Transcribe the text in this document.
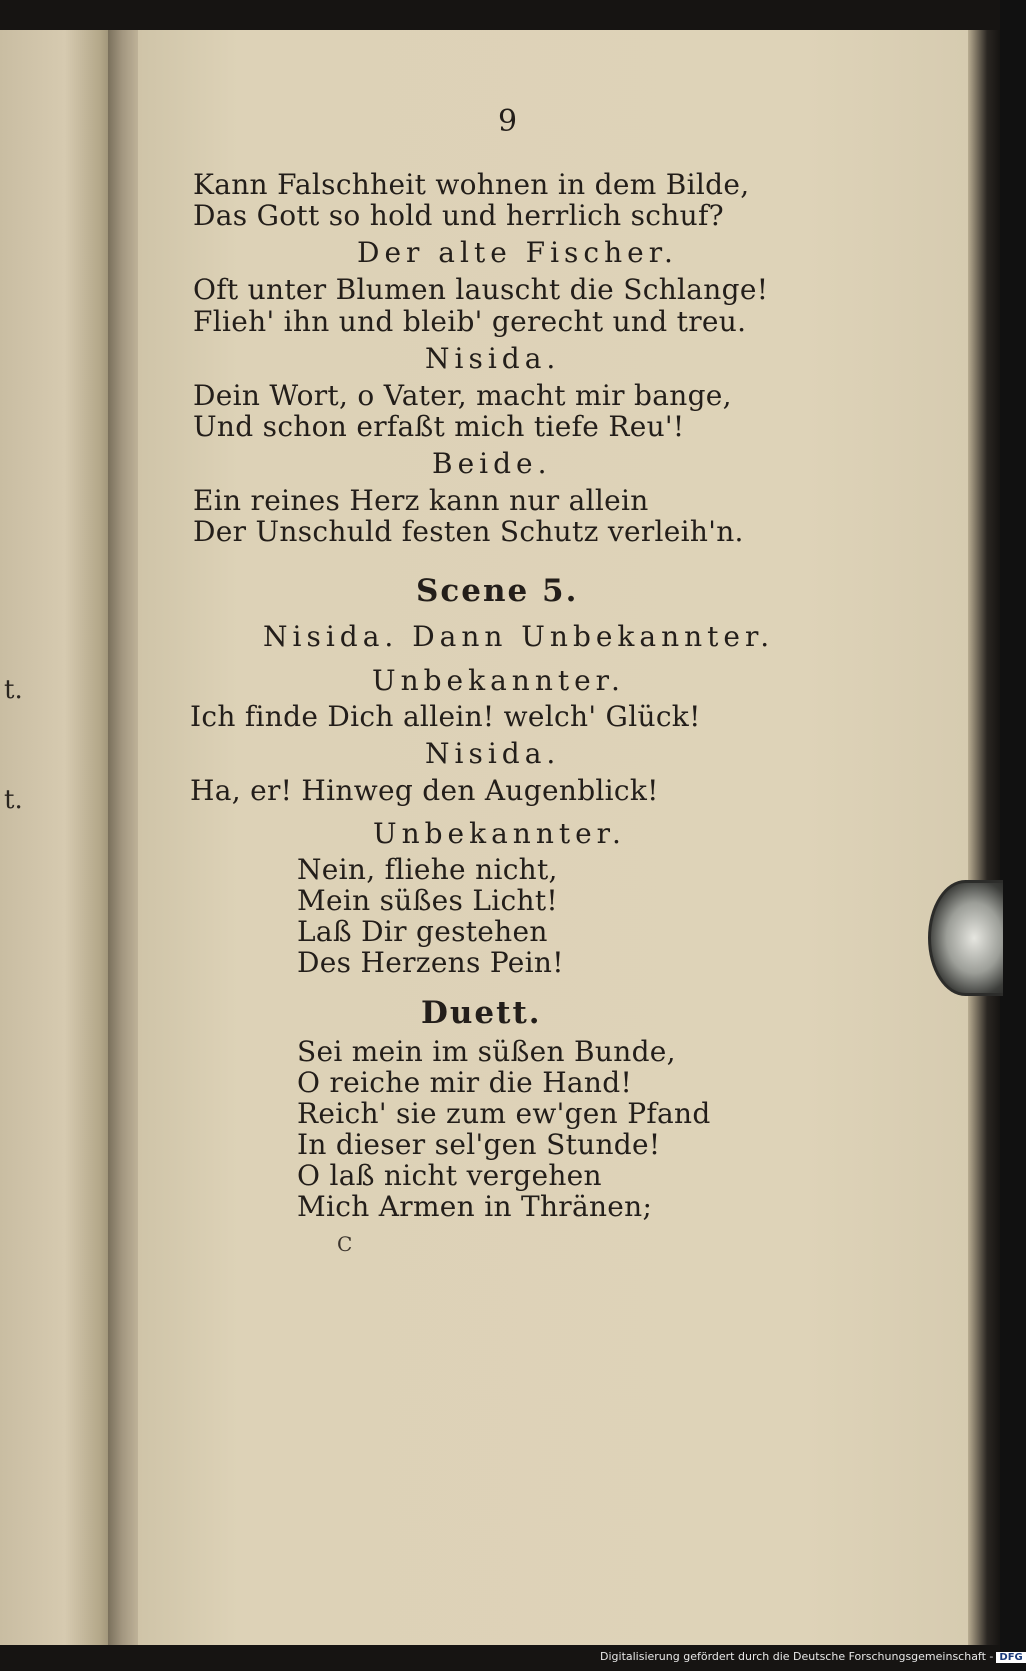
t.
t.
9
Kann Falschheit wohnen in dem Bilde,
Das Gott so hold und herrlich schuf?
Der alte Fischer.
Oft unter Blumen lauscht die Schlange!
Flieh' ihn und bleib' gerecht und treu.
Nisida.
Dein Wort, o Vater, macht mir bange,
Und schon erfaßt mich tiefe Reu'!
Beide.
Ein reines Herz kann nur allein
Der Unschuld festen Schutz verleih'n.
Scene 5.
Nisida. Dann Unbekannter.
Unbekannter.
Ich finde Dich allein! welch' Glück!
Nisida.
Ha, er! Hinweg den Augenblick!
Unbekannter.
Nein, fliehe nicht,
Mein süßes Licht!
Laß Dir gestehen
Des Herzens Pein!
Duett.
Sei mein im süßen Bunde,
O reiche mir die Hand!
Reich' sie zum ew'gen Pfand
In dieser sel'gen Stunde!
O laß nicht vergehen
Mich Armen in Thränen;
C
Digitalisierung gefördert durch die Deutsche Forschungsgemeinschaft - DFG
